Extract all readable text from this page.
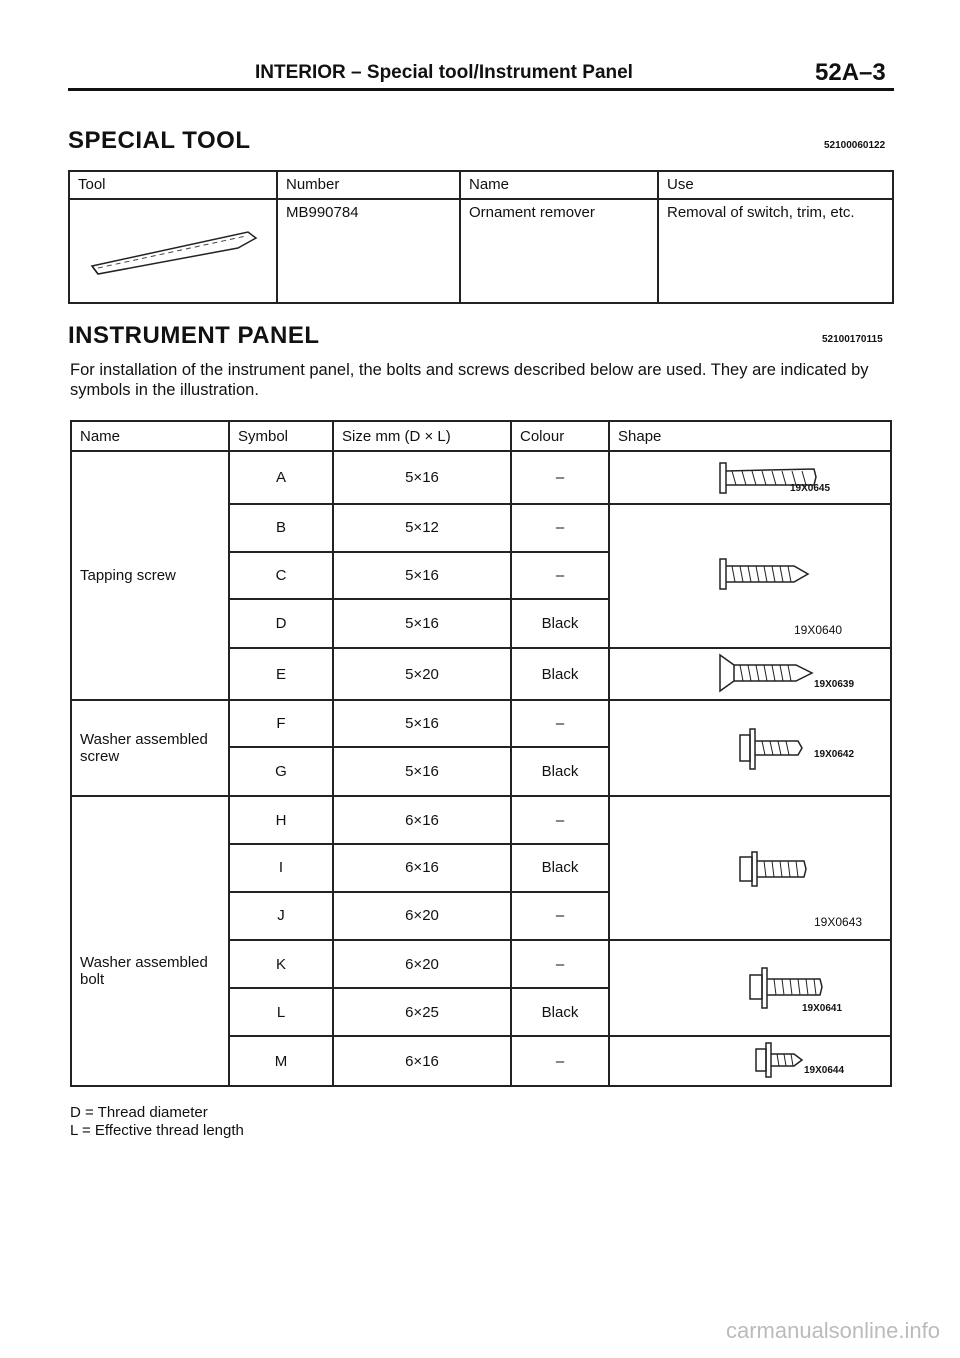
INTERIOR – Special tool/Instrument Panel	52A–3
SPECIAL TOOL	52100060122
Tool	Number	Name	Use
	MB990784	Ornament remover	Removal of switch, trim, etc.
INSTRUMENT PANEL	52100170115
For installation of the instrument panel, the bolts and screws described below are used. They are indicated by symbols in the illustration.
Name	Symbol	Size mm (D × L)	Colour	Shape
Tapping screw	A	5×16	–	19X0645

	B	5×12	–	19X0640

	C	5×16	–	
	D	5×16	Black	
	E	5×20	Black	19X0639

Washer assembled screw	F	5×16	–	19X0642

	G	5×16	Black	
Washer assembled bolt	H	6×16	–	19X0643

	I	6×16	Black	
	J	6×20	–	
	K	6×20	–	19X0641

	L	6×25	Black	
	M	6×16	–	19X0644
D = Thread diameter
L = Effective thread length
carmanualsonline.info
